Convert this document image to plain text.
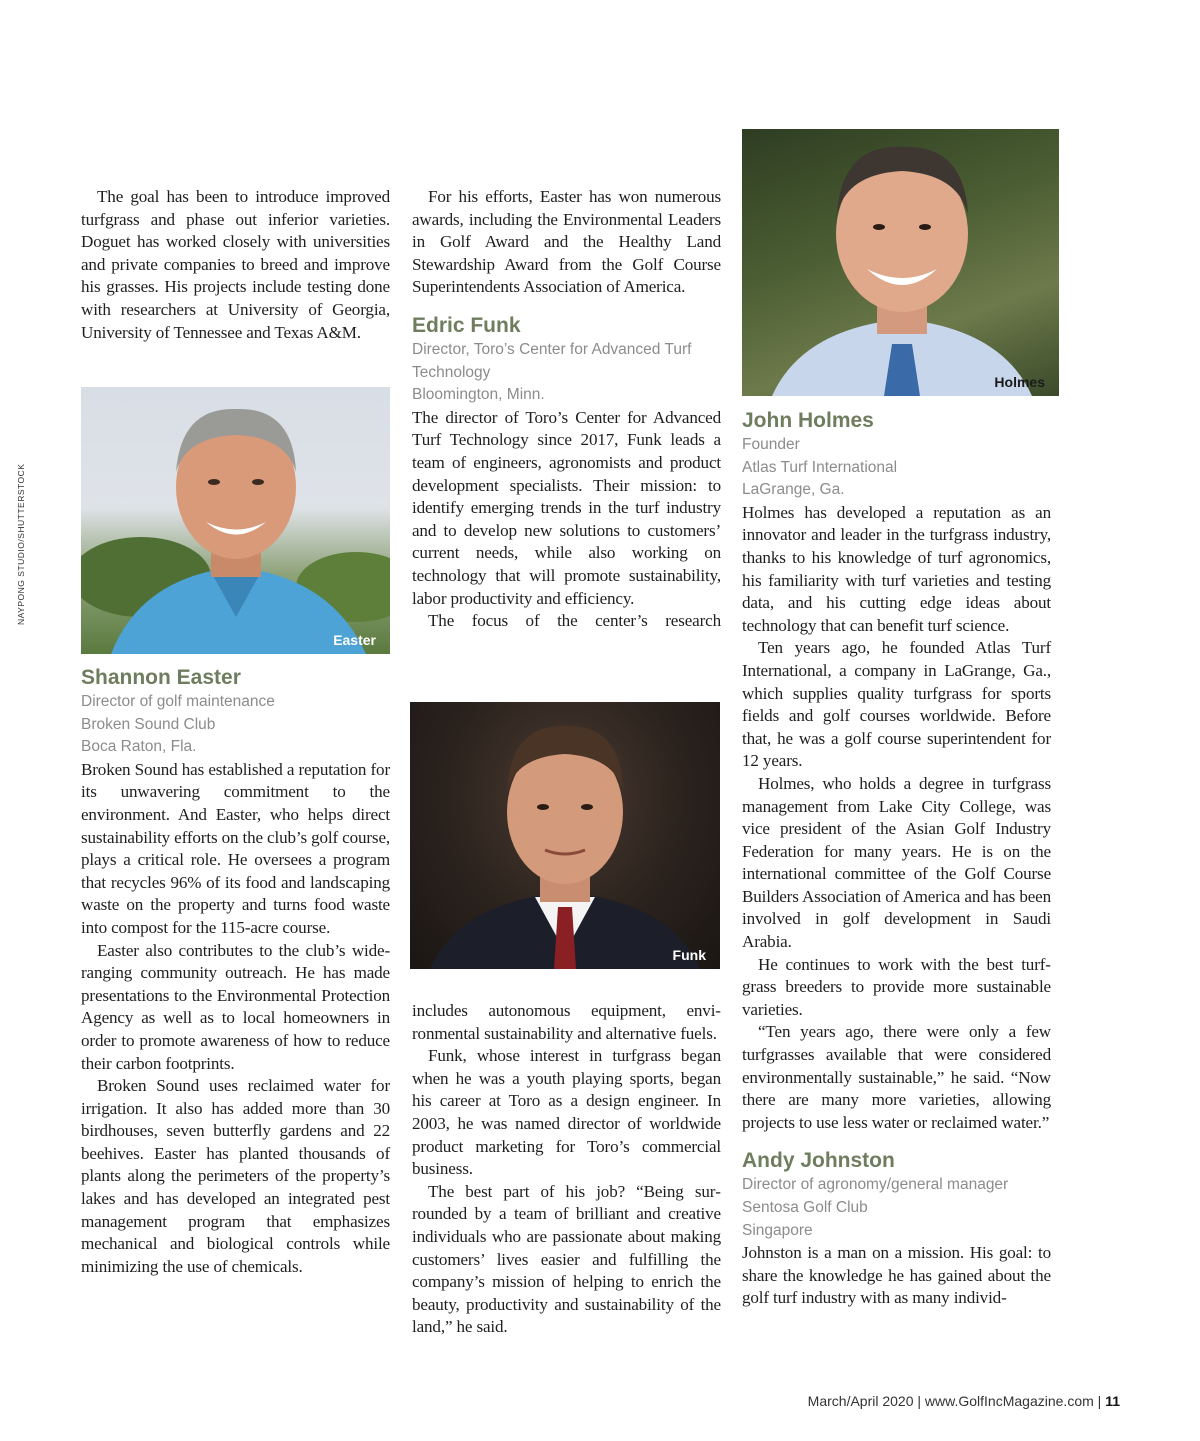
NAYPONG STUDIO/SHUTTERSTOCK

The goal has been to introduce improved turfgrass and phase out inferior varieties. Doguet has worked closely with universities and private companies to breed and improve his grasses. His projects include testing done with researchers at University of Georgia, University of Tennessee and Texas A&M.

Easter
Shannon Easter
Director of golf maintenance
Broken Sound Club
Boca Raton, Fla.

Broken Sound has established a reputation for its unwavering commitment to the environment. And Easter, who helps direct sustainability efforts on the club’s golf course, plays a critical role. He oversees a program that recycles 96% of its food and landscaping waste on the property and turns food waste into compost for the 115-acre course.

Easter also contributes to the club’s wide-ranging community outreach. He has made presentations to the Environmental Protection Agency as well as to local homeowners in order to promote awareness of how to reduce their carbon footprints.

Broken Sound uses reclaimed water for irrigation. It also has added more than 30 birdhouses, seven butterfly gardens and 22 beehives. Easter has planted thousands of plants along the perimeters of the property’s lakes and has developed an integrated pest management program that emphasizes mechanical and biological controls while minimizing the use of chemicals.

For his efforts, Easter has won numerous awards, including the Environmental Leaders in Golf Award and the Healthy Land Stewardship Award from the Golf Course Superintendents Association of America.

Edric Funk
Director, Toro’s Center for Advanced Turf Technology
Bloomington, Minn.

The director of Toro’s Center for Advanced Turf Technology since 2017, Funk leads a team of engineers, agronomists and product development specialists. Their mission: to identify emerging trends in the turf industry and to develop new solutions to customers’ current needs, while also working on technology that will promote sustainability, labor productivity and efficiency.

The focus of the center’s research

Funk

includes autonomous equipment, environmental sustainability and alternative fuels.

Funk, whose interest in turfgrass began when he was a youth playing sports, began his career at Toro as a design engineer. In 2003, he was named director of worldwide product marketing for Toro’s commercial business.

The best part of his job? “Being surrounded by a team of brilliant and creative individuals who are passionate about making customers’ lives easier and fulfilling the company’s mission of helping to enrich the beauty, productivity and sustainability of the land,” he said.

Holmes
John Holmes
Founder
Atlas Turf International
LaGrange, Ga.

Holmes has developed a reputation as an innovator and leader in the turfgrass industry, thanks to his knowledge of turf agronomics, his familiarity with turf varieties and testing data, and his cutting edge ideas about technology that can benefit turf science.

Ten years ago, he founded Atlas Turf International, a company in LaGrange, Ga., which supplies quality turfgrass for sports fields and golf courses worldwide. Before that, he was a golf course superintendent for 12 years.

Holmes, who holds a degree in turfgrass management from Lake City College, was vice president of the Asian Golf Industry Federation for many years. He is on the international committee of the Golf Course Builders Association of America and has been involved in golf development in Saudi Arabia.

He continues to work with the best turfgrass breeders to provide more sustainable varieties.

“Ten years ago, there were only a few turfgrasses available that were considered environmentally sustainable,” he said. “Now there are many more varieties, allowing projects to use less water or reclaimed water.”

Andy Johnston
Director of agronomy/general manager
Sentosa Golf Club
Singapore

Johnston is a man on a mission. His goal: to share the knowledge he has gained about the golf turf industry with as many individ-

March/April 2020 | www.GolfIncMagazine.com | 11
